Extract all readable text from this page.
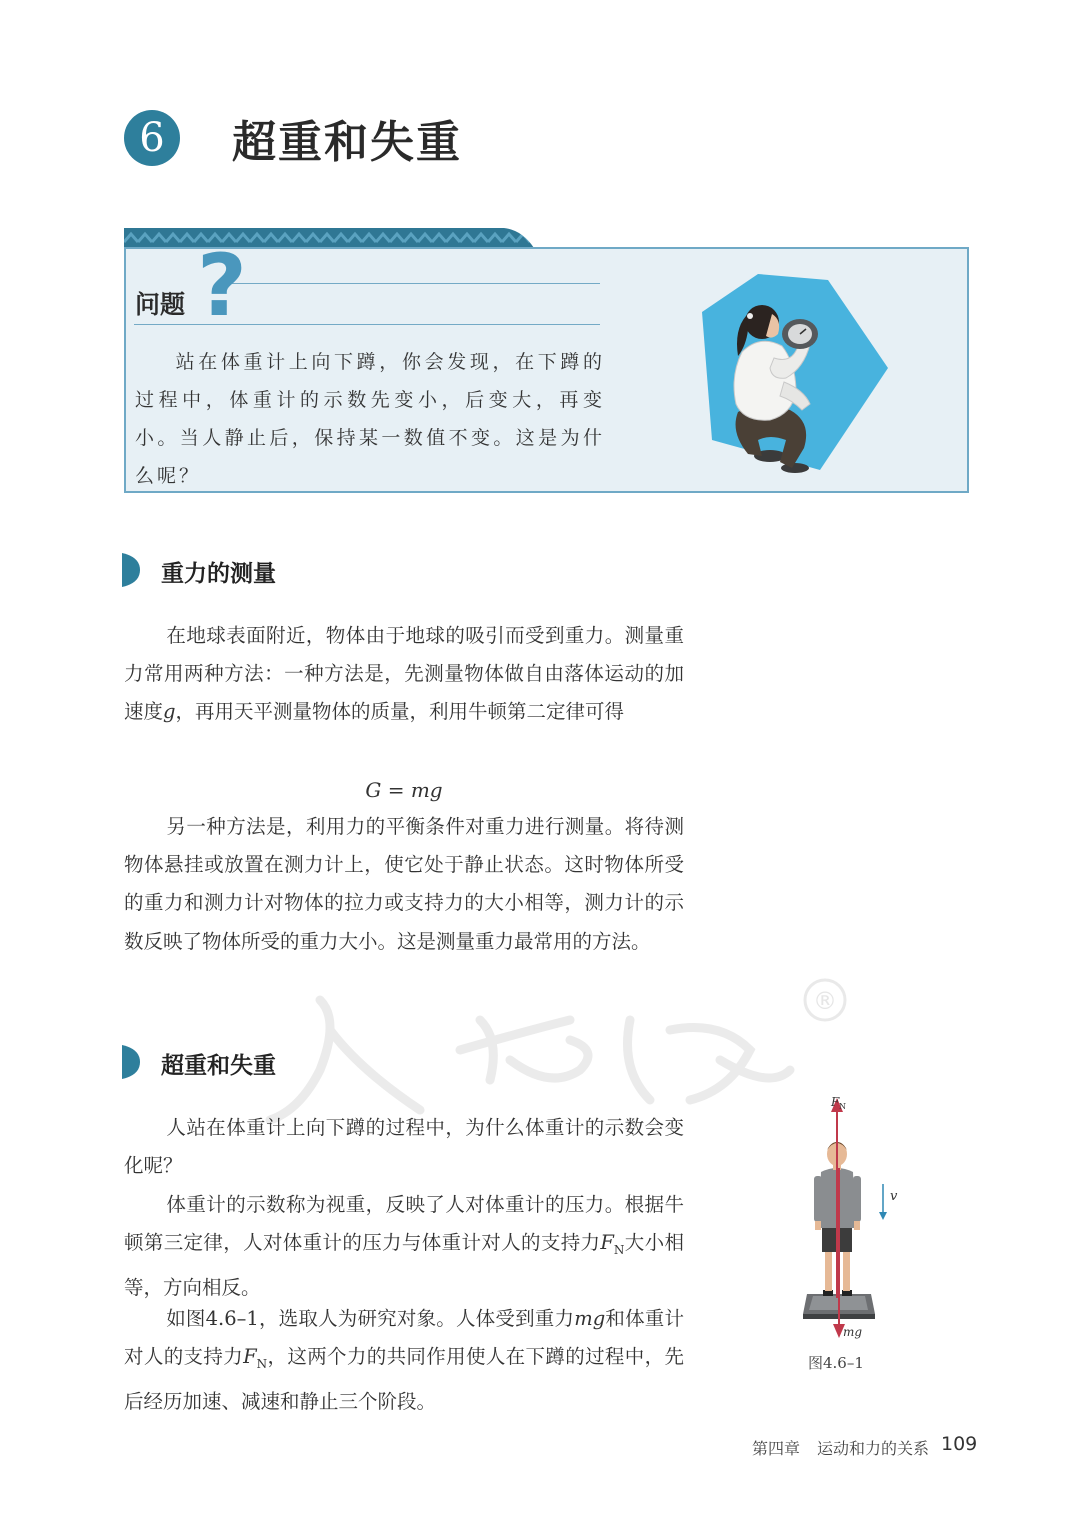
6	超重和失重
问题 ?

站在体重计上向下蹲，你会发现，在下蹲的过程中，体重计的示数先变小，后变大，再变小。当人静止后，保持某一数值不变。这是为什么呢？

重力的测量

在地球表面附近，物体由于地球的吸引而受到重力。测量重力常用两种方法：一种方法是，先测量物体做自由落体运动的加速度g，再用天平测量物体的质量，利用牛顿第二定律可得

G = mg

另一种方法是，利用力的平衡条件对重力进行测量。将待测物体悬挂或放置在测力计上，使它处于静止状态。这时物体所受的重力和测力计对物体的拉力或支持力的大小相等，测力计的示数反映了物体所受的重力大小。这是测量重力最常用的方法。

®
超重和失重

人站在体重计上向下蹲的过程中，为什么体重计的示数会变化呢？

体重计的示数称为视重，反映了人对体重计的压力。根据牛顿第三定律，人对体重计的压力与体重计对人的支持力$F_N$大小相等，方向相反。

如图4.6–1，选取人为研究对象。人体受到重力mg和体重计对人的支持力$F_N$，这两个力的共同作用使人在下蹲的过程中，先后经历加速、减速和静止三个阶段。

F N
v
mg
图4.6–1
第四章 运动和力的关系 109
